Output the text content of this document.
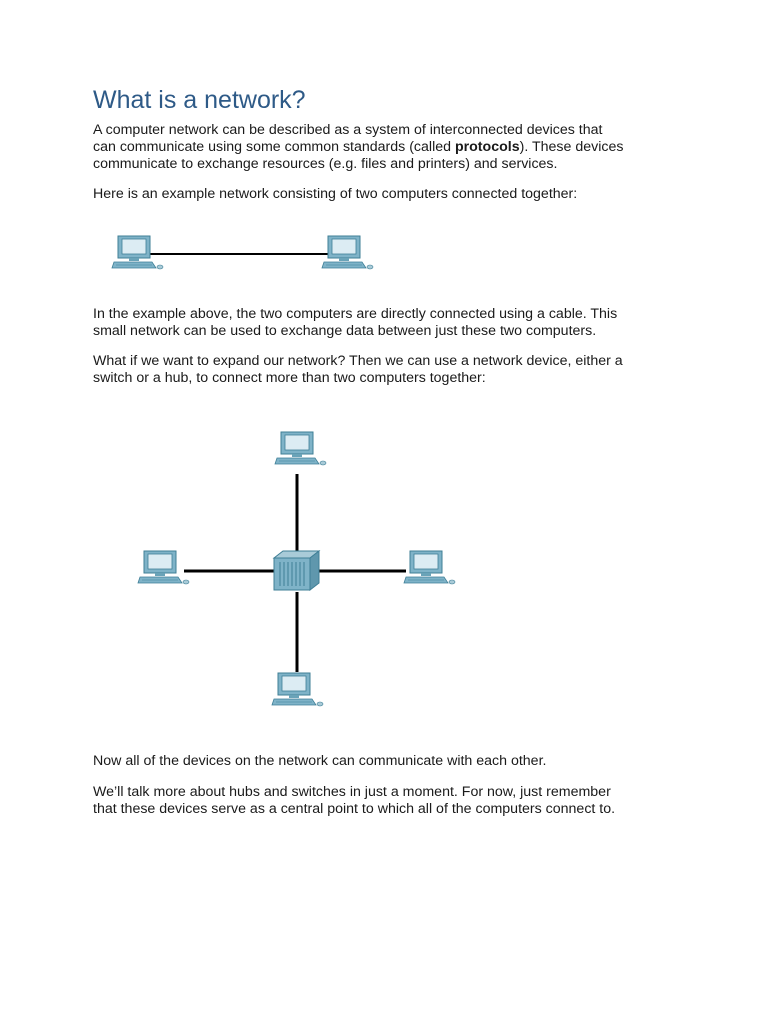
What is a network?

A computer network can be described as a system of interconnected devices that
can communicate using some common standards (called protocols). These devices
communicate to exchange resources (e.g. files and printers) and services.

Here is an example network consisting of two computers connected together:

In the example above, the two computers are directly connected using a cable. This
small network can be used to exchange data between just these two computers.

What if we want to expand our network? Then we can use a network device, either a
switch or a hub, to connect more than two computers together:

Now all of the devices on the network can communicate with each other.

We’ll talk more about hubs and switches in just a moment. For now, just remember
that these devices serve as a central point to which all of the computers connect to.
